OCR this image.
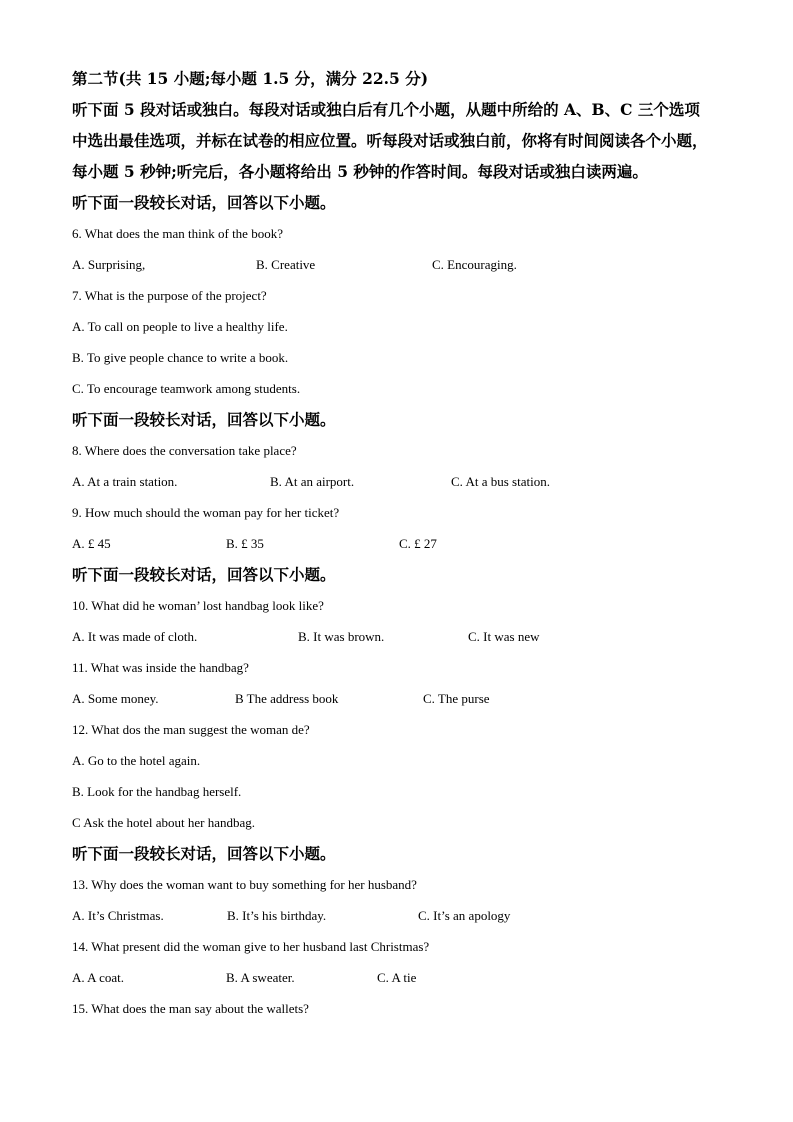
第二节(共 15 小题;每小题 1.5 分，满分 22.5 分)
听下面 5 段对话或独白。每段对话或独白后有几个小题，从题中所给的 A、B、C 三个选项
中选出最佳选项，并标在试卷的相应位置。听每段对话或独白前，你将有时间阅读各个小题，
每小题 5 秒钟;听完后，各小题将给出 5 秒钟的作答时间。每段对话或独白读两遍。
听下面一段较长对话，回答以下小题。
6. What does the man think of the book?
A. Surprising,	B. Creative	C. Encouraging.
7. What is the purpose of the project?
A. To call on people to live a healthy life.
B. To give people chance to write a book.
C. To encourage teamwork among students.
听下面一段较长对话，回答以下小题。
8. Where does the conversation take place?
A. At a train station.	B. At an airport.	C. At a bus station.
9. How much should the woman pay for her ticket?
A. £ 45	B. £ 35	C. £ 27
听下面一段较长对话，回答以下小题。
10. What did he woman’ lost handbag look like?
A. It was made of cloth.	B. It was brown.	C. It was new
11. What was inside the handbag?
A. Some money.	B The address book	C. The purse
12. What dos the man suggest the woman de?
A. Go to the hotel again.
B. Look for the handbag herself.
C Ask the hotel about her handbag.
听下面一段较长对话，回答以下小题。
13. Why does the woman want to buy something for her husband?
A. It’s Christmas.	B. It’s his birthday.	C. It’s an apology
14. What present did the woman give to her husband last Christmas?
A. A coat.	B. A sweater.	C. A tie
15. What does the man say about the wallets?
